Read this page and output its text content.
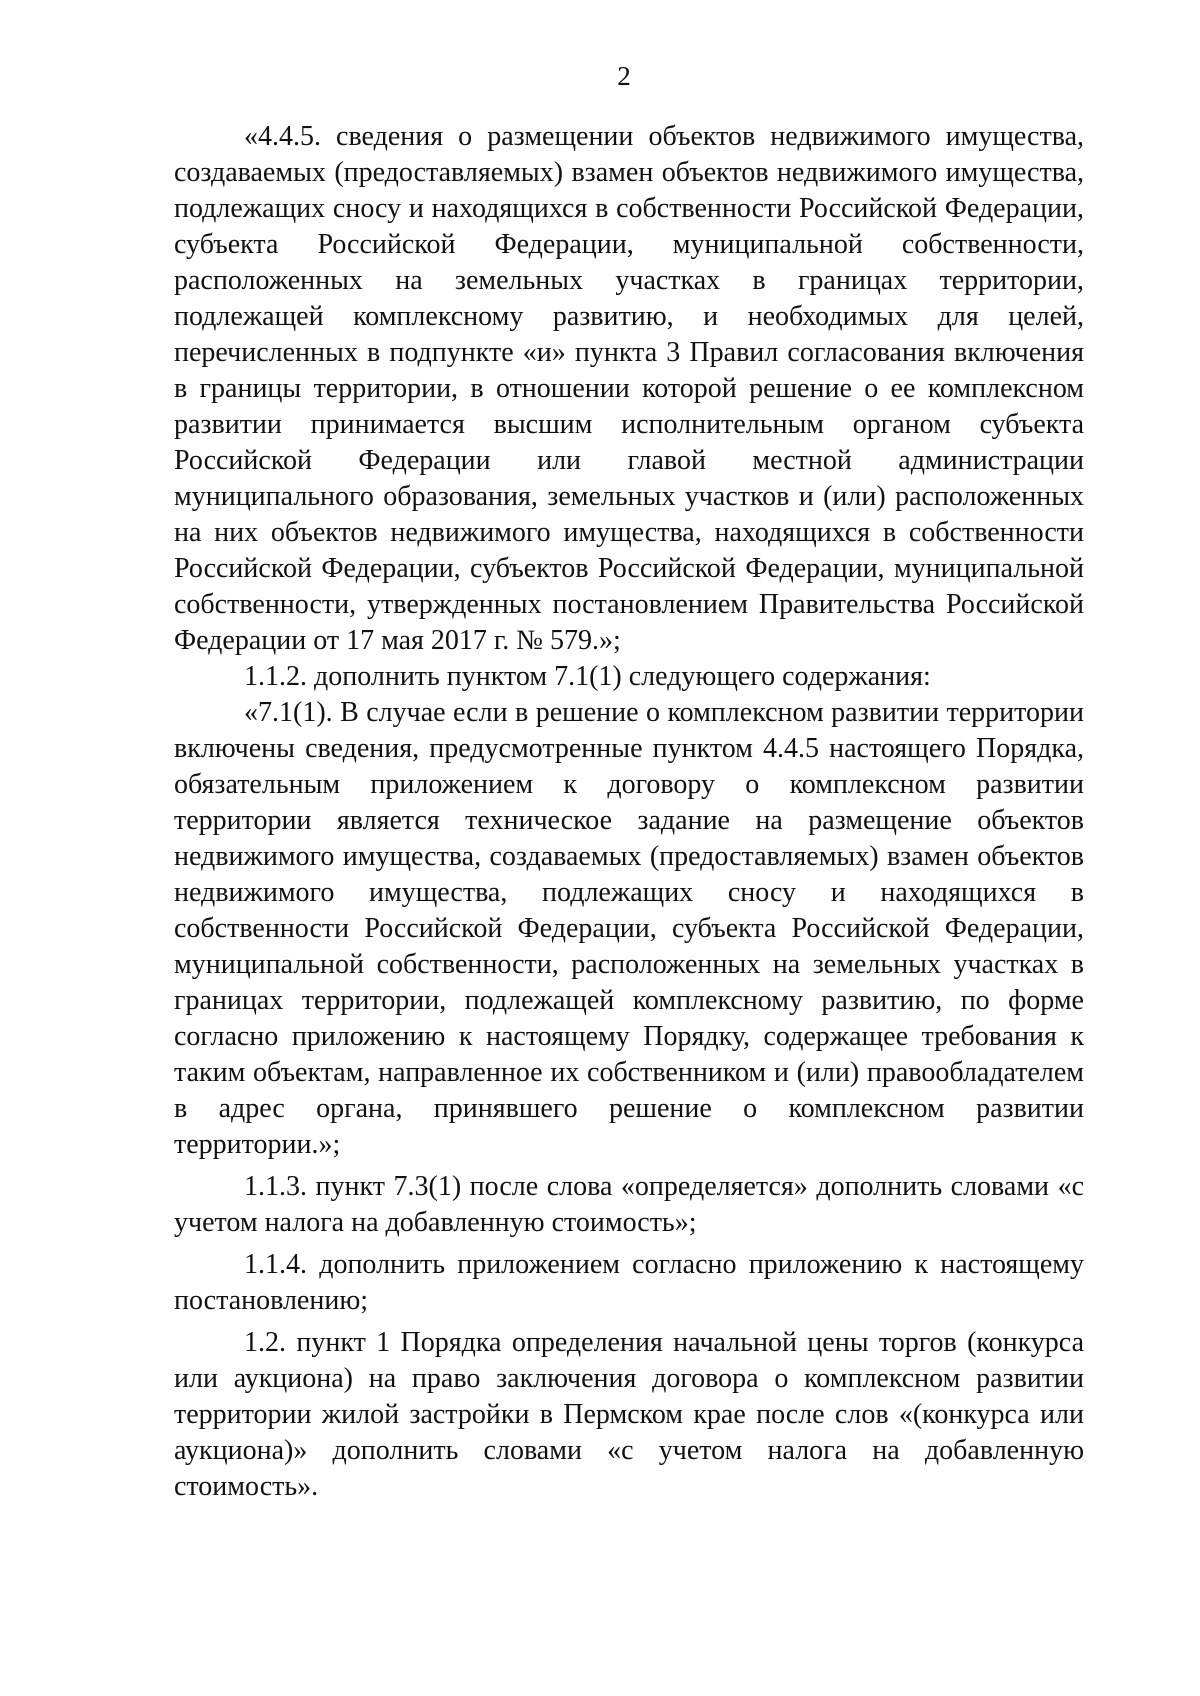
2

«4.4.5. сведения о размещении объектов недвижимого имущества, создаваемых (предоставляемых) взамен объектов недвижимого имущества, подлежащих сносу и находящихся в собственности Российской Федерации, субъекта Российской Федерации, муниципальной собственности, расположенных на земельных участках в границах территории, подлежащей комплексному развитию, и необходимых для целей, перечисленных в подпункте «и» пункта 3 Правил согласования включения в границы территории, в отношении которой решение о ее комплексном развитии принимается высшим исполнительным органом субъекта Российской Федерации или главой местной администрации муниципального образования, земельных участков и (или) расположенных на них объектов недвижимого имущества, находящихся в собственности Российской Федерации, субъектов Российской Федерации, муниципальной собственности, утвержденных постановлением Правительства Российской Федерации от 17 мая 2017 г. № 579.»;

1.1.2. дополнить пунктом 7.1(1) следующего содержания:

«7.1(1). В случае если в решение о комплексном развитии территории включены сведения, предусмотренные пунктом 4.4.5 настоящего Порядка, обязательным приложением к договору о комплексном развитии территории является техническое задание на размещение объектов недвижимого имущества, создаваемых (предоставляемых) взамен объектов недвижимого имущества, подлежащих сносу и находящихся в собственности Российской Федерации, субъекта Российской Федерации, муниципальной собственности, расположенных на земельных участках в границах территории, подлежащей комплексному развитию, по форме согласно приложению к настоящему Порядку, содержащее требования к таким объектам, направленное их собственником и (или) правообладателем в адрес органа, принявшего решение о комплексном развитии территории.»;

1.1.3. пункт 7.3(1) после слова «определяется» дополнить словами «с учетом налога на добавленную стоимость»;

1.1.4. дополнить приложением согласно приложению к настоящему постановлению;

1.2. пункт 1 Порядка определения начальной цены торгов (конкурса или аукциона) на право заключения договора о комплексном развитии территории жилой застройки в Пермском крае после слов «(конкурса или аукциона)» дополнить словами «с учетом налога на добавленную стоимость».
